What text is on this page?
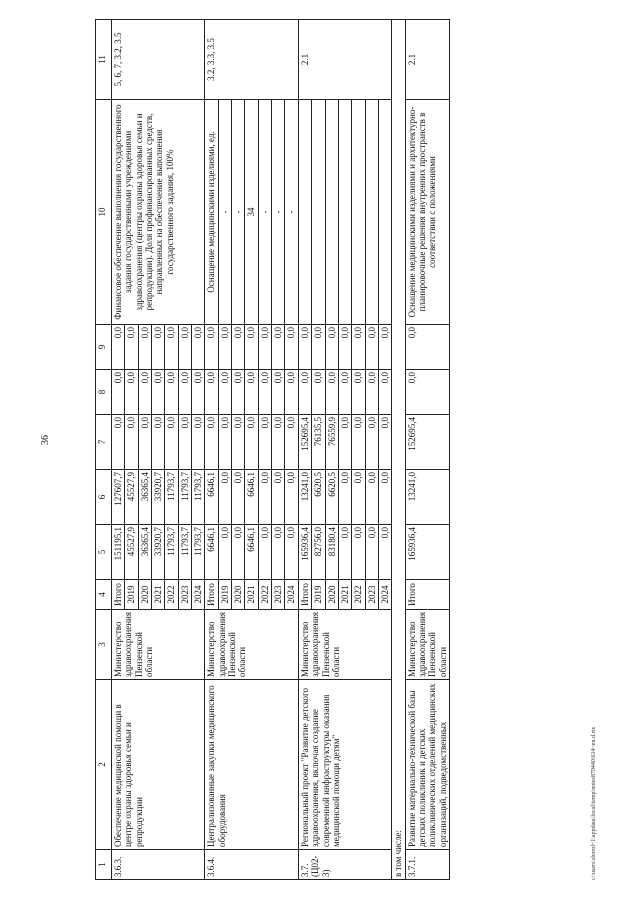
36
1	2	3	4	5	6	7	8	9	10	11
3.6.3.	Обеспечение медицинской помощи в центре охраны здоровья семьи и репродукции	Министерство здравоохранения Пензенской области	Итого	151195,1	127607,7	0,0	0,0	0,0	Финансовое обеспечение выполнения государственного задания государственными учреждениями здравоохранения (центры охраны здоровья семьи и репродукции). Доля профинансированных средств, направленных на обеспечение выполнения государственного задания, 100%	5, 6, 7, 3.2, 3.5
			2019	45527,9	45527,9	0,0	0,0	0,0		
			2020	36365,4	36365,4	0,0	0,0	0,0		
			2021	33920,7	33920,7	0,0	0,0	0,0		
			2022	11793,7	11793,7	0,0	0,0	0,0		
			2023	11793,7	11793,7	0,0	0,0	0,0		
			2024	11793,7	11793,7	0,0	0,0	0,0		
3.6.4.	Централизованные закупки медицинского оборудования	Министерство здравоохранения Пензенской области	Итого	6646,1	6646,1	0,0	0,0	0,0	Оснащение медицинскими изделиями, ед.	3.2, 3.3, 3.5
			2019	0,0	0,0	0,0	0,0	0,0	-	
			2020	0,0	0,0	0,0	0,0	0,0	-	
			2021	6646,1	6646,1	0,0	0,0	0,0	34	
			2022	0,0	0,0	0,0	0,0	0,0	-	
			2023	0,0	0,0	0,0	0,0	0,0	-	
			2024	0,0	0,0	0,0	0,0	0,0	-	
3.7. (Ц02-3)	Региональный проект "Развитие детского здравоохранения, включая создание современной инфраструктуры оказания медицинской помощи детям"	Министерство здравоохранения Пензенской области	Итого	165936,4	13241,0	152695,4	0,0	0,0		2.1
			2019	82756,0	6620,5	76135,5	0,0	0,0		
			2020	83180,4	6620,5	76559,9	0,0	0,0		
			2021	0,0	0,0	0,0	0,0	0,0		
			2022	0,0	0,0	0,0	0,0	0,0		
			2023	0,0	0,0	0,0	0,0	0,0		
			2024	0,0	0,0	0,0	0,0	0,0		
в том числе:										
3.7.1.	Развитие материально-технической базы детских поликлиник и детских поликлинических отделений медицинских организаций, подведомственных	Министерство здравоохранения Пензенской области	Итого	165936,4	13241,0	152695,4	0,0	0,0	Оснащение медицинскими изделиями и архитектурно-планировочные решения внутренних пространств в соответствии с положениями	2.1
c:\users\sborol~1\appdata\local\temp\notes879440\614~eu.d.rtx
